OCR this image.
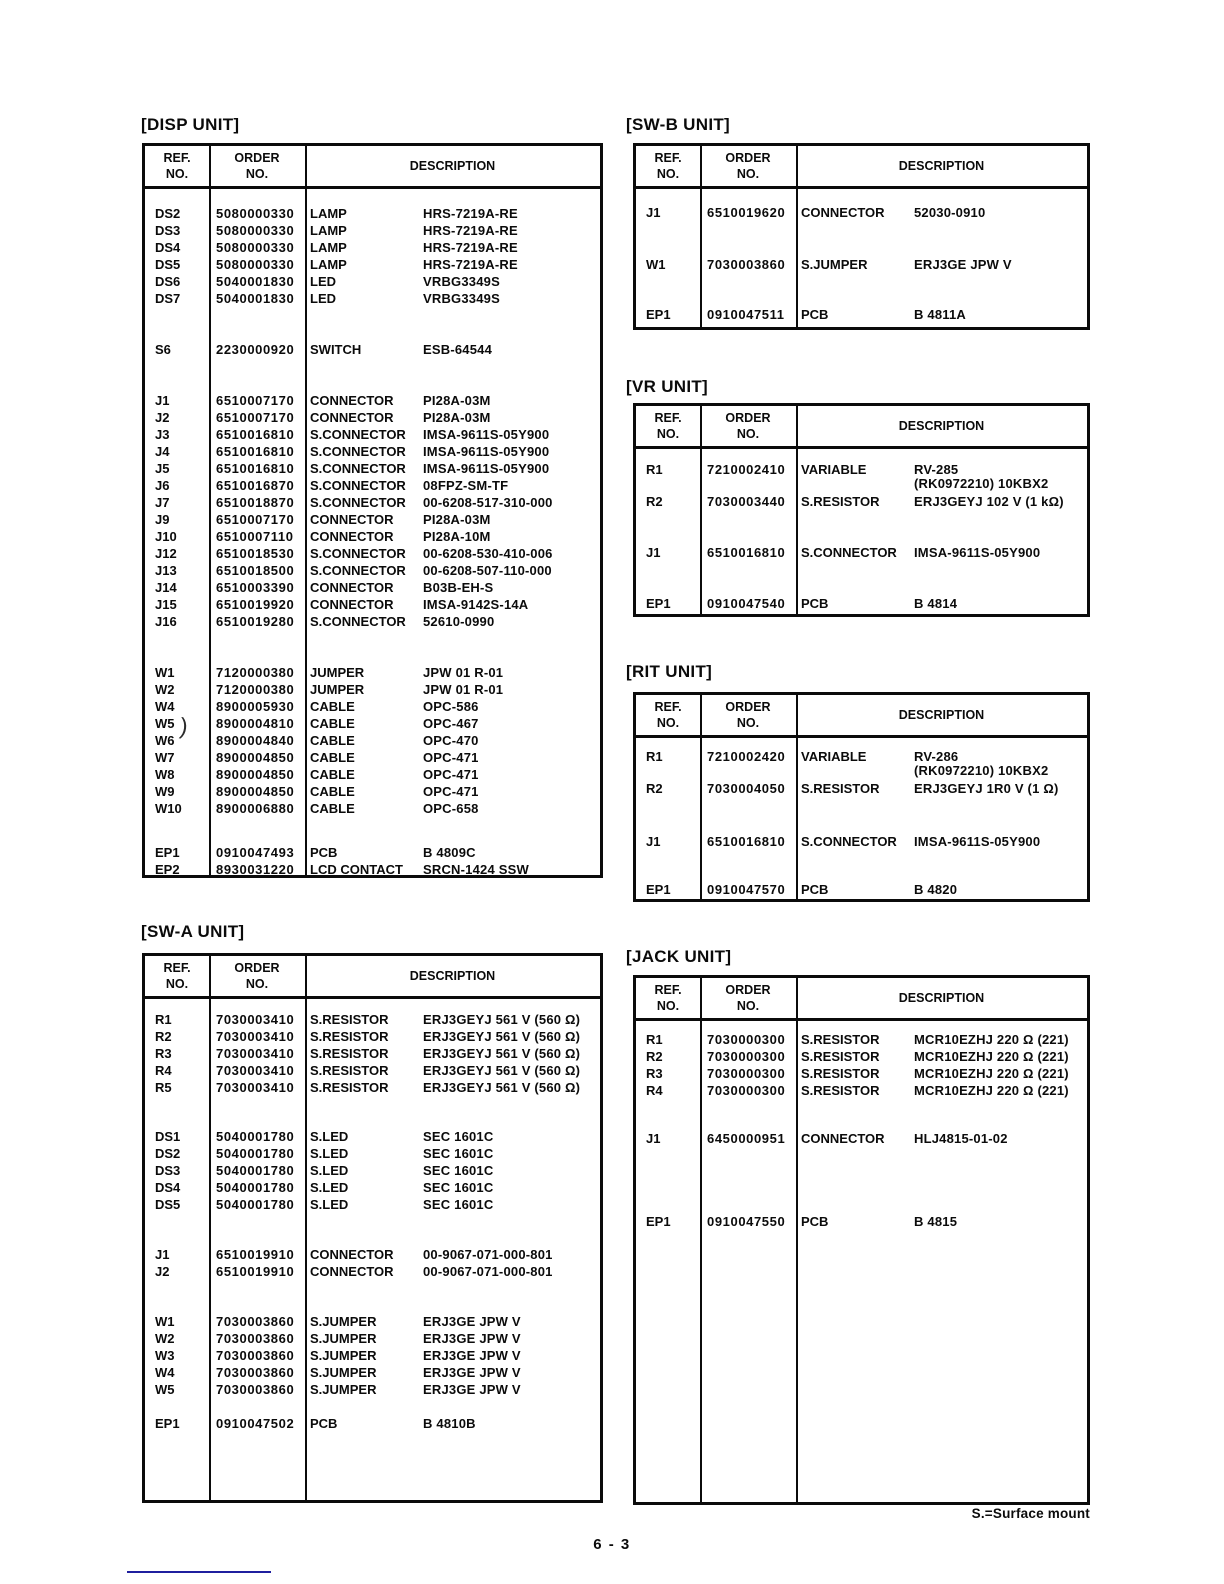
[DISP UNIT]
REF.
NO.
ORDER
NO.
DESCRIPTION
DS2	5080000330	LAMP	HRS-7219A-RE
DS3	5080000330	LAMP	HRS-7219A-RE
DS4	5080000330	LAMP	HRS-7219A-RE
DS5	5080000330	LAMP	HRS-7219A-RE
DS6	5040001830	LED	VRBG3349S
DS7	5040001830	LED	VRBG3349S
S6	2230000920	SWITCH	ESB-64544
J1	6510007170	CONNECTOR	PI28A-03M
J2	6510007170	CONNECTOR	PI28A-03M
J3	6510016810	S.CONNECTOR	IMSA-9611S-05Y900
J4	6510016810	S.CONNECTOR	IMSA-9611S-05Y900
J5	6510016810	S.CONNECTOR	IMSA-9611S-05Y900
J6	6510016870	S.CONNECTOR	08FPZ-SM-TF
J7	6510018870	S.CONNECTOR	00-6208-517-310-000
J9	6510007170	CONNECTOR	PI28A-03M
J10	6510007110	CONNECTOR	PI28A-10M
J12	6510018530	S.CONNECTOR	00-6208-530-410-006
J13	6510018500	S.CONNECTOR	00-6208-507-110-000
J14	6510003390	CONNECTOR	B03B-EH-S
J15	6510019920	CONNECTOR	IMSA-9142S-14A
J16	6510019280	S.CONNECTOR	52610-0990
W1	7120000380	JUMPER	JPW 01 R-01
W2	7120000380	JUMPER	JPW 01 R-01
W4	8900005930	CABLE	OPC-586
W5	8900004810	CABLE	OPC-467
W6	8900004840	CABLE	OPC-470
W7	8900004850	CABLE	OPC-471
W8	8900004850	CABLE	OPC-471
W9	8900004850	CABLE	OPC-471
W10	8900006880	CABLE	OPC-658
EP1	0910047493	PCB	B 4809C
EP2	8930031220	LCD CONTACT	SRCN-1424 SSW
[SW-B UNIT]
REF.
NO.
ORDER
NO.
DESCRIPTION
J1	6510019620	CONNECTOR	52030-0910
W1	7030003860	S.JUMPER	ERJ3GE JPW V
EP1	0910047511	PCB	B 4811A
[VR UNIT]
REF.
NO.
ORDER
NO.
DESCRIPTION
R1	7210002410	VARIABLE	RV-285
(RK0972210) 10KBX2
R2	7030003440	S.RESISTOR	ERJ3GEYJ 102 V (1 kΩ)
J1	6510016810	S.CONNECTOR	IMSA-9611S-05Y900
EP1	0910047540	PCB	B 4814
[RIT UNIT]
REF.
NO.
ORDER
NO.
DESCRIPTION
R1	7210002420	VARIABLE	RV-286
(RK0972210) 10KBX2
R2	7030004050	S.RESISTOR	ERJ3GEYJ 1R0 V (1 Ω)
J1	6510016810	S.CONNECTOR	IMSA-9611S-05Y900
EP1	0910047570	PCB	B 4820
[SW-A UNIT]
REF.
NO.
ORDER
NO.
DESCRIPTION
R1	7030003410	S.RESISTOR	ERJ3GEYJ 561 V (560 Ω)
R2	7030003410	S.RESISTOR	ERJ3GEYJ 561 V (560 Ω)
R3	7030003410	S.RESISTOR	ERJ3GEYJ 561 V (560 Ω)
R4	7030003410	S.RESISTOR	ERJ3GEYJ 561 V (560 Ω)
R5	7030003410	S.RESISTOR	ERJ3GEYJ 561 V (560 Ω)
DS1	5040001780	S.LED	SEC 1601C
DS2	5040001780	S.LED	SEC 1601C
DS3	5040001780	S.LED	SEC 1601C
DS4	5040001780	S.LED	SEC 1601C
DS5	5040001780	S.LED	SEC 1601C
J1	6510019910	CONNECTOR	00-9067-071-000-801
J2	6510019910	CONNECTOR	00-9067-071-000-801
W1	7030003860	S.JUMPER	ERJ3GE JPW V
W2	7030003860	S.JUMPER	ERJ3GE JPW V
W3	7030003860	S.JUMPER	ERJ3GE JPW V
W4	7030003860	S.JUMPER	ERJ3GE JPW V
W5	7030003860	S.JUMPER	ERJ3GE JPW V
EP1	0910047502	PCB	B 4810B
[JACK UNIT]
REF.
NO.
ORDER
NO.
DESCRIPTION
R1	7030000300	S.RESISTOR	MCR10EZHJ 220 Ω (221)
R2	7030000300	S.RESISTOR	MCR10EZHJ 220 Ω (221)
R3	7030000300	S.RESISTOR	MCR10EZHJ 220 Ω (221)
R4	7030000300	S.RESISTOR	MCR10EZHJ 220 Ω (221)
J1	6450000951	CONNECTOR	HLJ4815-01-02
EP1	0910047550	PCB	B 4815
)
S.=Surface mount
6 - 3
